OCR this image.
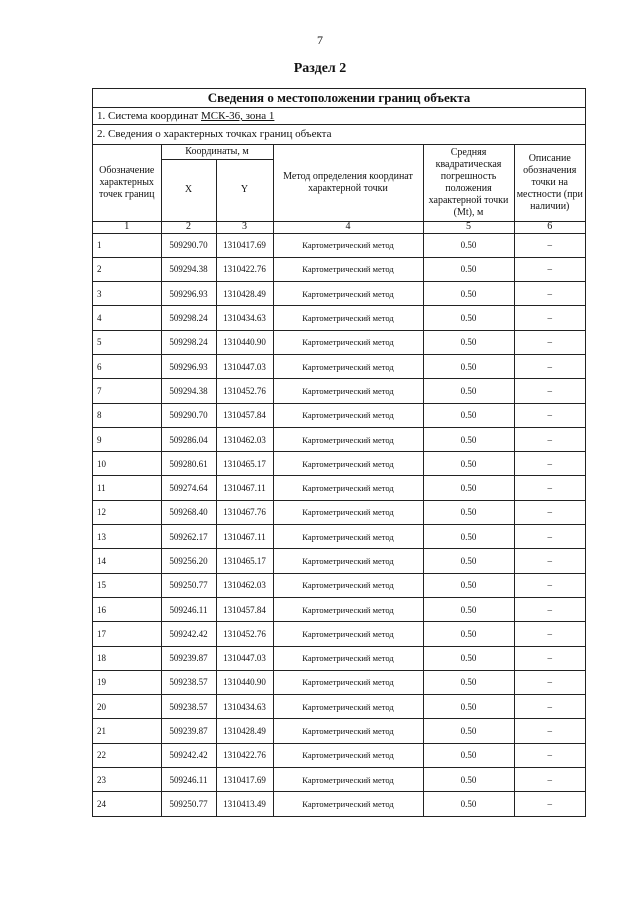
7
Раздел 2
Сведения о местоположении границ объекта
1. Система координат МСК-36, зона 1
2. Сведения о характерных точках границ объекта
Обозначение характерных точек границ	Координаты, м		Метод определения координат характерной точки	Средняя квадратическая погрешность положения характерной точки (Mt), м	Описание обозначения точки на местности (при наличии)
	X	Y			
1	2	3	4	5	6
1	509290.70	1310417.69	Картометрический метод	0.50	–
2	509294.38	1310422.76	Картометрический метод	0.50	–
3	509296.93	1310428.49	Картометрический метод	0.50	–
4	509298.24	1310434.63	Картометрический метод	0.50	–
5	509298.24	1310440.90	Картометрический метод	0.50	–
6	509296.93	1310447.03	Картометрический метод	0.50	–
7	509294.38	1310452.76	Картометрический метод	0.50	–
8	509290.70	1310457.84	Картометрический метод	0.50	–
9	509286.04	1310462.03	Картометрический метод	0.50	–
10	509280.61	1310465.17	Картометрический метод	0.50	–
11	509274.64	1310467.11	Картометрический метод	0.50	–
12	509268.40	1310467.76	Картометрический метод	0.50	–
13	509262.17	1310467.11	Картометрический метод	0.50	–
14	509256.20	1310465.17	Картометрический метод	0.50	–
15	509250.77	1310462.03	Картометрический метод	0.50	–
16	509246.11	1310457.84	Картометрический метод	0.50	–
17	509242.42	1310452.76	Картометрический метод	0.50	–
18	509239.87	1310447.03	Картометрический метод	0.50	–
19	509238.57	1310440.90	Картометрический метод	0.50	–
20	509238.57	1310434.63	Картометрический метод	0.50	–
21	509239.87	1310428.49	Картометрический метод	0.50	–
22	509242.42	1310422.76	Картометрический метод	0.50	–
23	509246.11	1310417.69	Картометрический метод	0.50	–
24	509250.77	1310413.49	Картометрический метод	0.50	–
